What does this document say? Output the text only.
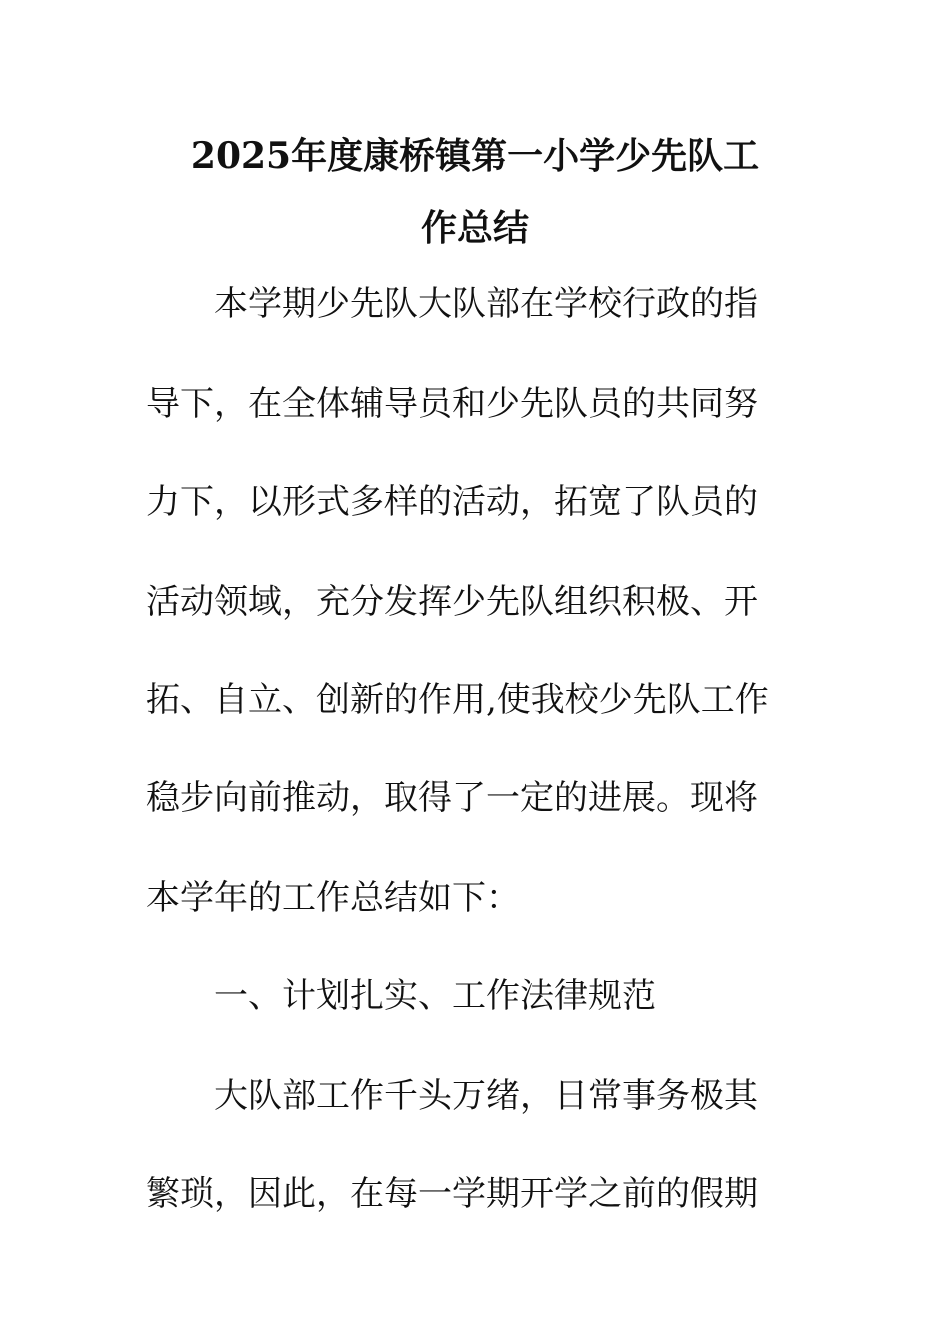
2025年度康桥镇第一小学少先队工
作总结
本学期少先队大队部在学校行政的指
导下，在全体辅导员和少先队员的共同努
力下，以形式多样的活动，拓宽了队员的
活动领域，充分发挥少先队组织积极、开
拓、自立、创新的作用,使我校少先队工作
稳步向前推动，取得了一定的进展。现将
本学年的工作总结如下：
一、计划扎实、工作法律规范
大队部工作千头万绪，日常事务极其
繁琐，因此，在每一学期开学之前的假期
